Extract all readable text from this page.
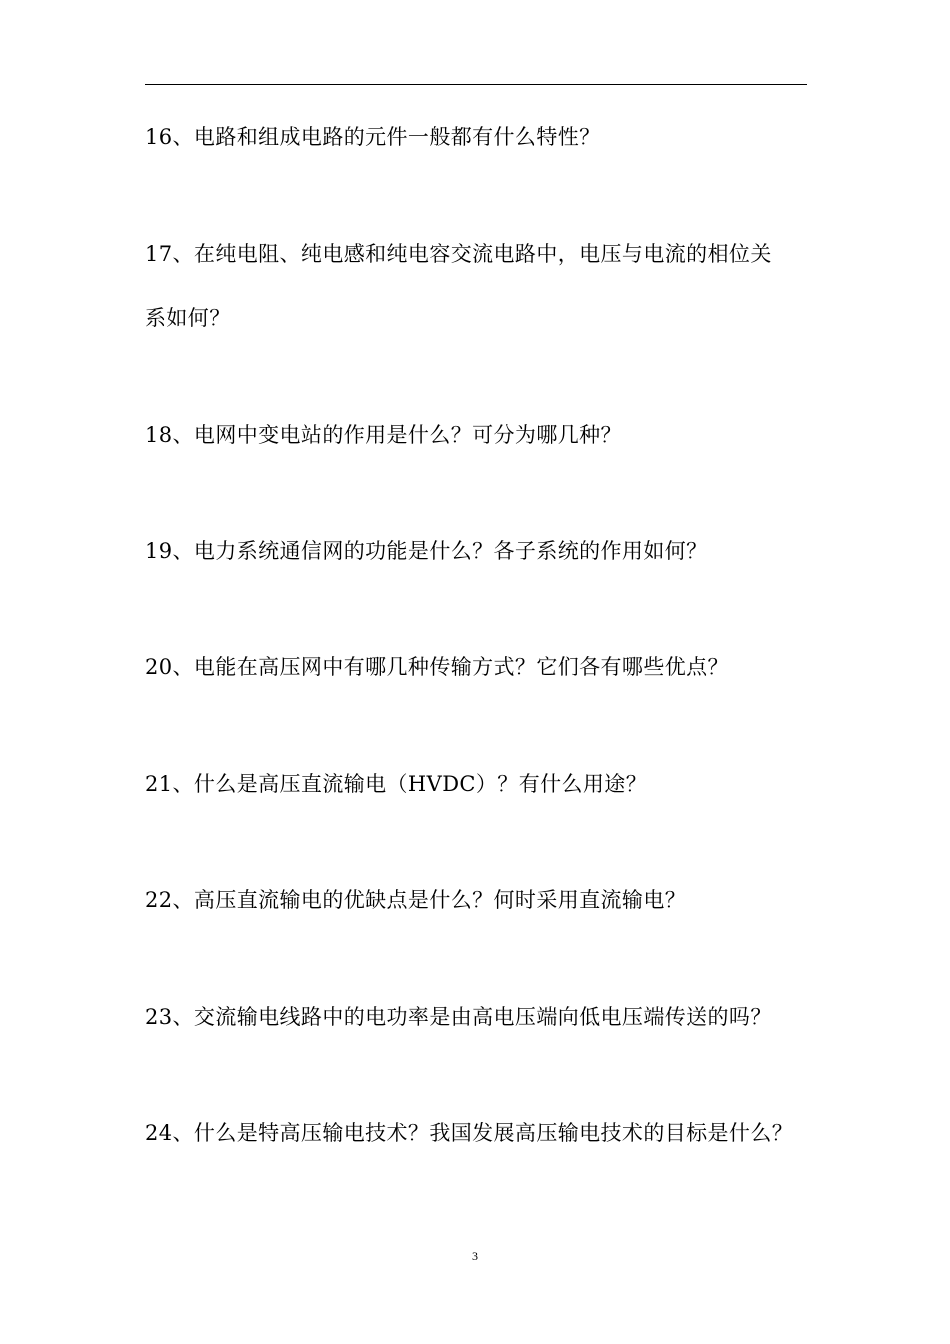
16、电路和组成电路的元件一般都有什么特性？
17、在纯电阻、纯电感和纯电容交流电路中，电压与电流的相位关
系如何？
18、电网中变电站的作用是什么？可分为哪几种？
19、电力系统通信网的功能是什么？各子系统的作用如何？
20、电能在高压网中有哪几种传输方式？它们各有哪些优点？
21、什么是高压直流输电（HVDC）？有什么用途？
22、高压直流输电的优缺点是什么？何时采用直流输电？
23、交流输电线路中的电功率是由高电压端向低电压端传送的吗？
24、什么是特高压输电技术？我国发展高压输电技术的目标是什么？
3
